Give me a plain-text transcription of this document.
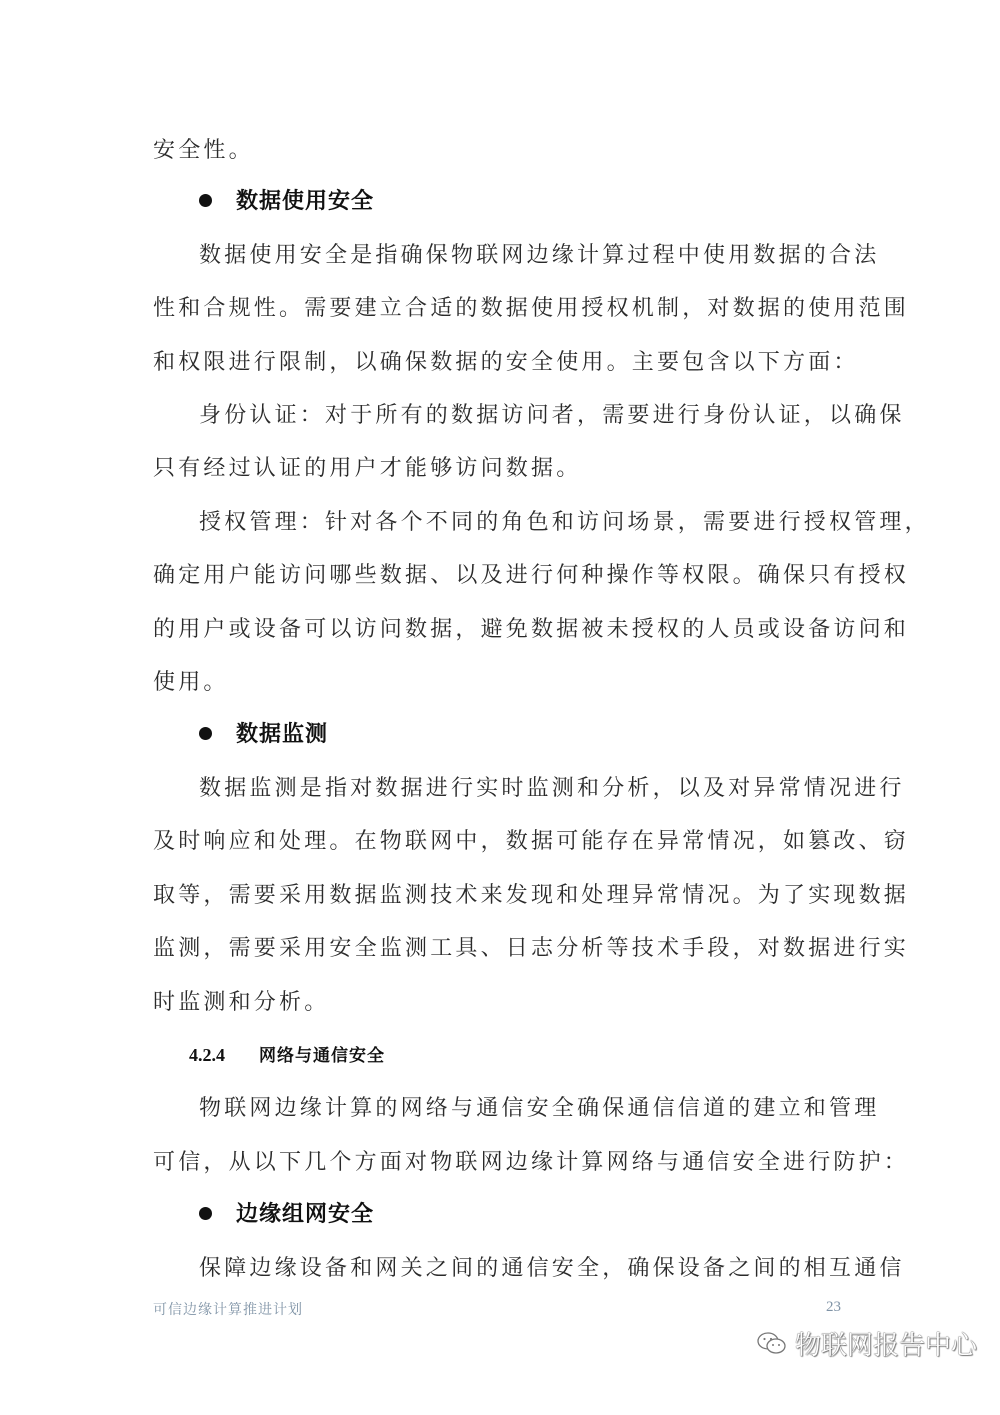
安全性。
数据使用安全
数据使用安全是指确保物联网边缘计算过程中使用数据的合法
性和合规性。需要建立合适的数据使用授权机制，对数据的使用范围
和权限进行限制，以确保数据的安全使用。主要包含以下方面：
身份认证：对于所有的数据访问者，需要进行身份认证，以确保
只有经过认证的用户才能够访问数据。
授权管理：针对各个不同的角色和访问场景，需要进行授权管理，
确定用户能访问哪些数据、以及进行何种操作等权限。确保只有授权
的用户或设备可以访问数据，避免数据被未授权的人员或设备访问和
使用。
数据监测
数据监测是指对数据进行实时监测和分析，以及对异常情况进行
及时响应和处理。在物联网中，数据可能存在异常情况，如篡改、窃
取等，需要采用数据监测技术来发现和处理异常情况。为了实现数据
监测，需要采用安全监测工具、日志分析等技术手段，对数据进行实
时监测和分析。
4.2.4 网络与通信安全
物联网边缘计算的网络与通信安全确保通信信道的建立和管理
可信，从以下几个方面对物联网边缘计算网络与通信安全进行防护：
边缘组网安全
保障边缘设备和网关之间的通信安全，确保设备之间的相互通信
可信边缘计算推进计划	23
物联网报告中心
